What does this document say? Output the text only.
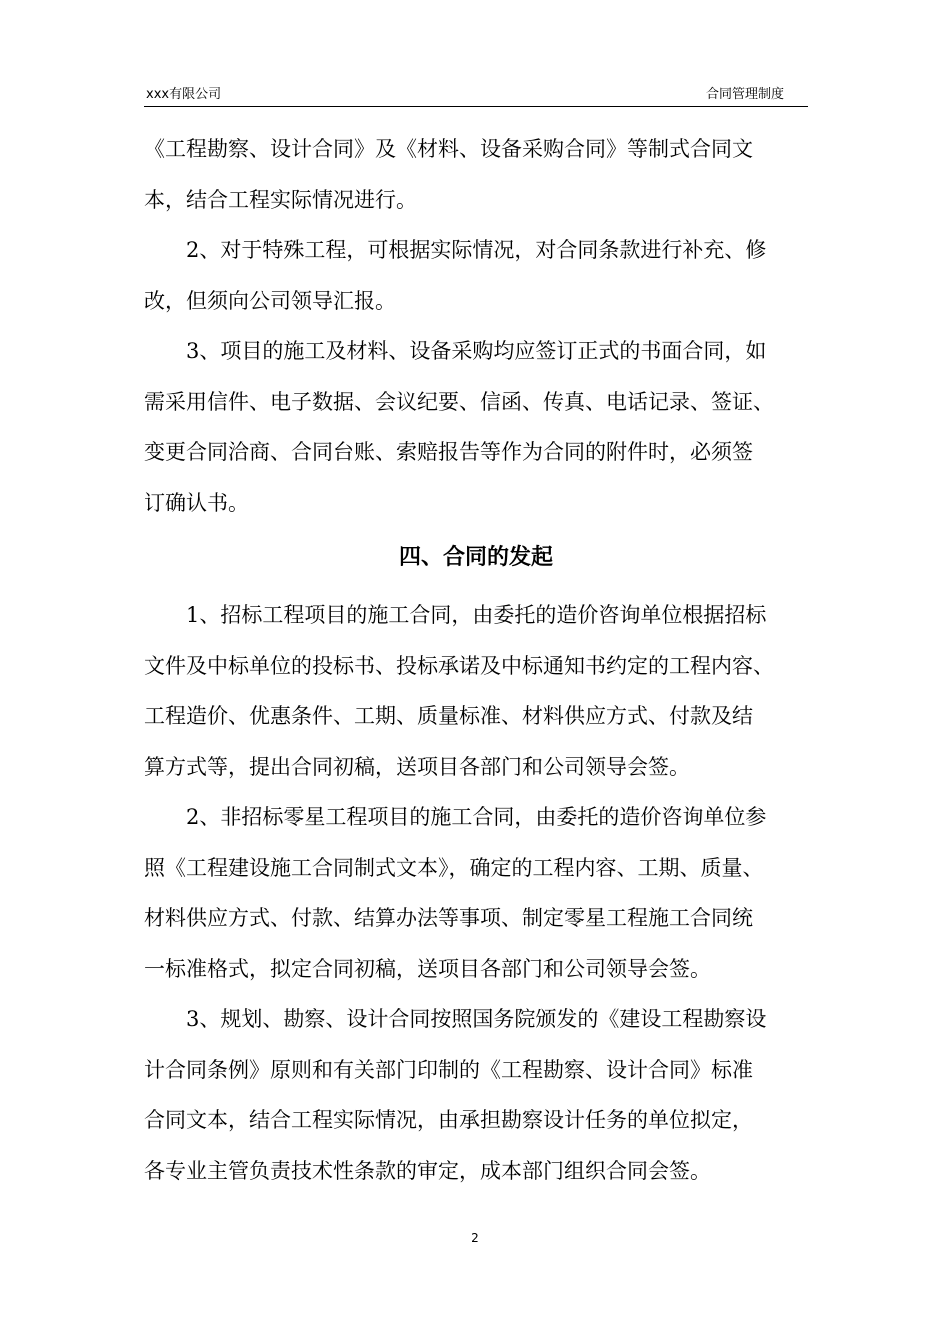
xxx有限公司	合同管理制度
《工程勘察、设计合同》及《材料、设备采购合同》等制式合同文
本，结合工程实际情况进行。
2、对于特殊工程，可根据实际情况，对合同条款进行补充、修
改，但须向公司领导汇报。
3、项目的施工及材料、设备采购均应签订正式的书面合同，如
需采用信件、电子数据、会议纪要、信函、传真、电话记录、签证、
变更合同洽商、合同台账、索赔报告等作为合同的附件时，必须签
订确认书。
四、合同的发起
1、招标工程项目的施工合同，由委托的造价咨询单位根据招标
文件及中标单位的投标书、投标承诺及中标通知书约定的工程内容、
工程造价、优惠条件、工期、质量标准、材料供应方式、付款及结
算方式等，提出合同初稿，送项目各部门和公司领导会签。
2、非招标零星工程项目的施工合同，由委托的造价咨询单位参
照《工程建设施工合同制式文本》，确定的工程内容、工期、质量、
材料供应方式、付款、结算办法等事项、制定零星工程施工合同统
一标准格式，拟定合同初稿，送项目各部门和公司领导会签。
3、规划、勘察、设计合同按照国务院颁发的《建设工程勘察设
计合同条例》原则和有关部门印制的《工程勘察、设计合同》标准
合同文本，结合工程实际情况，由承担勘察设计任务的单位拟定，
各专业主管负责技术性条款的审定，成本部门组织合同会签。
2
